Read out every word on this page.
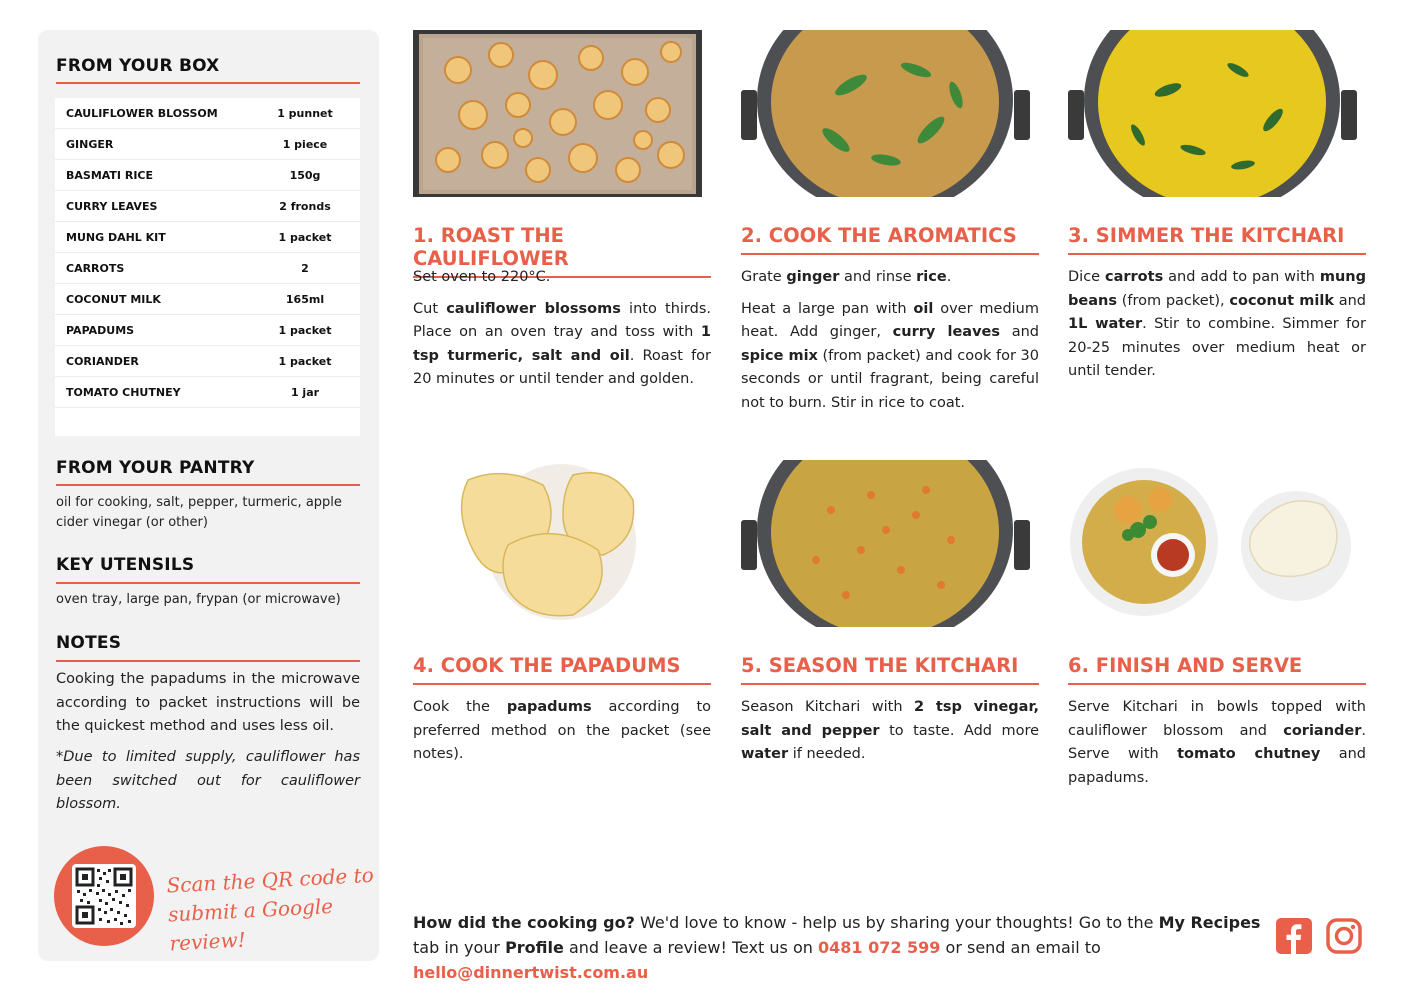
FROM YOUR BOX
CAULIFLOWER BLOSSOM	1 punnet
GINGER	1 piece
BASMATI RICE	150g
CURRY LEAVES	2 fronds
MUNG DAHL KIT	1 packet
CARROTS	2
COCONUT MILK	165ml
PAPADUMS	1 packet
CORIANDER	1 packet
TOMATO CHUTNEY	1 jar
FROM YOUR PANTRY
oil for cooking, salt, pepper, turmeric, apple cider vinegar (or other)
KEY UTENSILS
oven tray, large pan, frypan (or microwave)
NOTES
Cooking the papadums in the microwave according to packet instructions will be the quickest method and uses less oil.
*Due to limited supply, cauliflower has been switched out for cauliflower blossom.
Scan the QR code to
submit a Google review!
1. ROAST THE CAULIFLOWER

Set oven to 220°C.

Cut cauliflower blossoms into thirds. Place on an oven tray and toss with 1 tsp turmeric, salt and oil. Roast for 20 minutes or until tender and golden.

2. COOK THE AROMATICS

Grate ginger and rinse rice.

Heat a large pan with oil over medium heat. Add ginger, curry leaves and spice mix (from packet) and cook for 30 seconds or until fragrant, being careful not to burn. Stir in rice to coat.

3. SIMMER THE KITCHARI

Dice carrots and add to pan with mung beans (from packet), coconut milk and 1L water. Stir to combine. Simmer for 20-25 minutes over medium heat or until tender.

4. COOK THE PAPADUMS

Cook the papadums according to preferred method on the packet (see notes).

5. SEASON THE KITCHARI

Season Kitchari with 2 tsp vinegar, salt and pepper to taste. Add more water if needed.

6. FINISH AND SERVE

Serve Kitchari in bowls topped with cauliflower blossom and coriander. Serve with tomato chutney and papadums.

How did the cooking go? We'd love to know - help us by sharing your thoughts! Go to the My Recipes tab in your Profile and leave a review! Text us on 0481 072 599 or send an email to hello@dinnertwist.com.au
